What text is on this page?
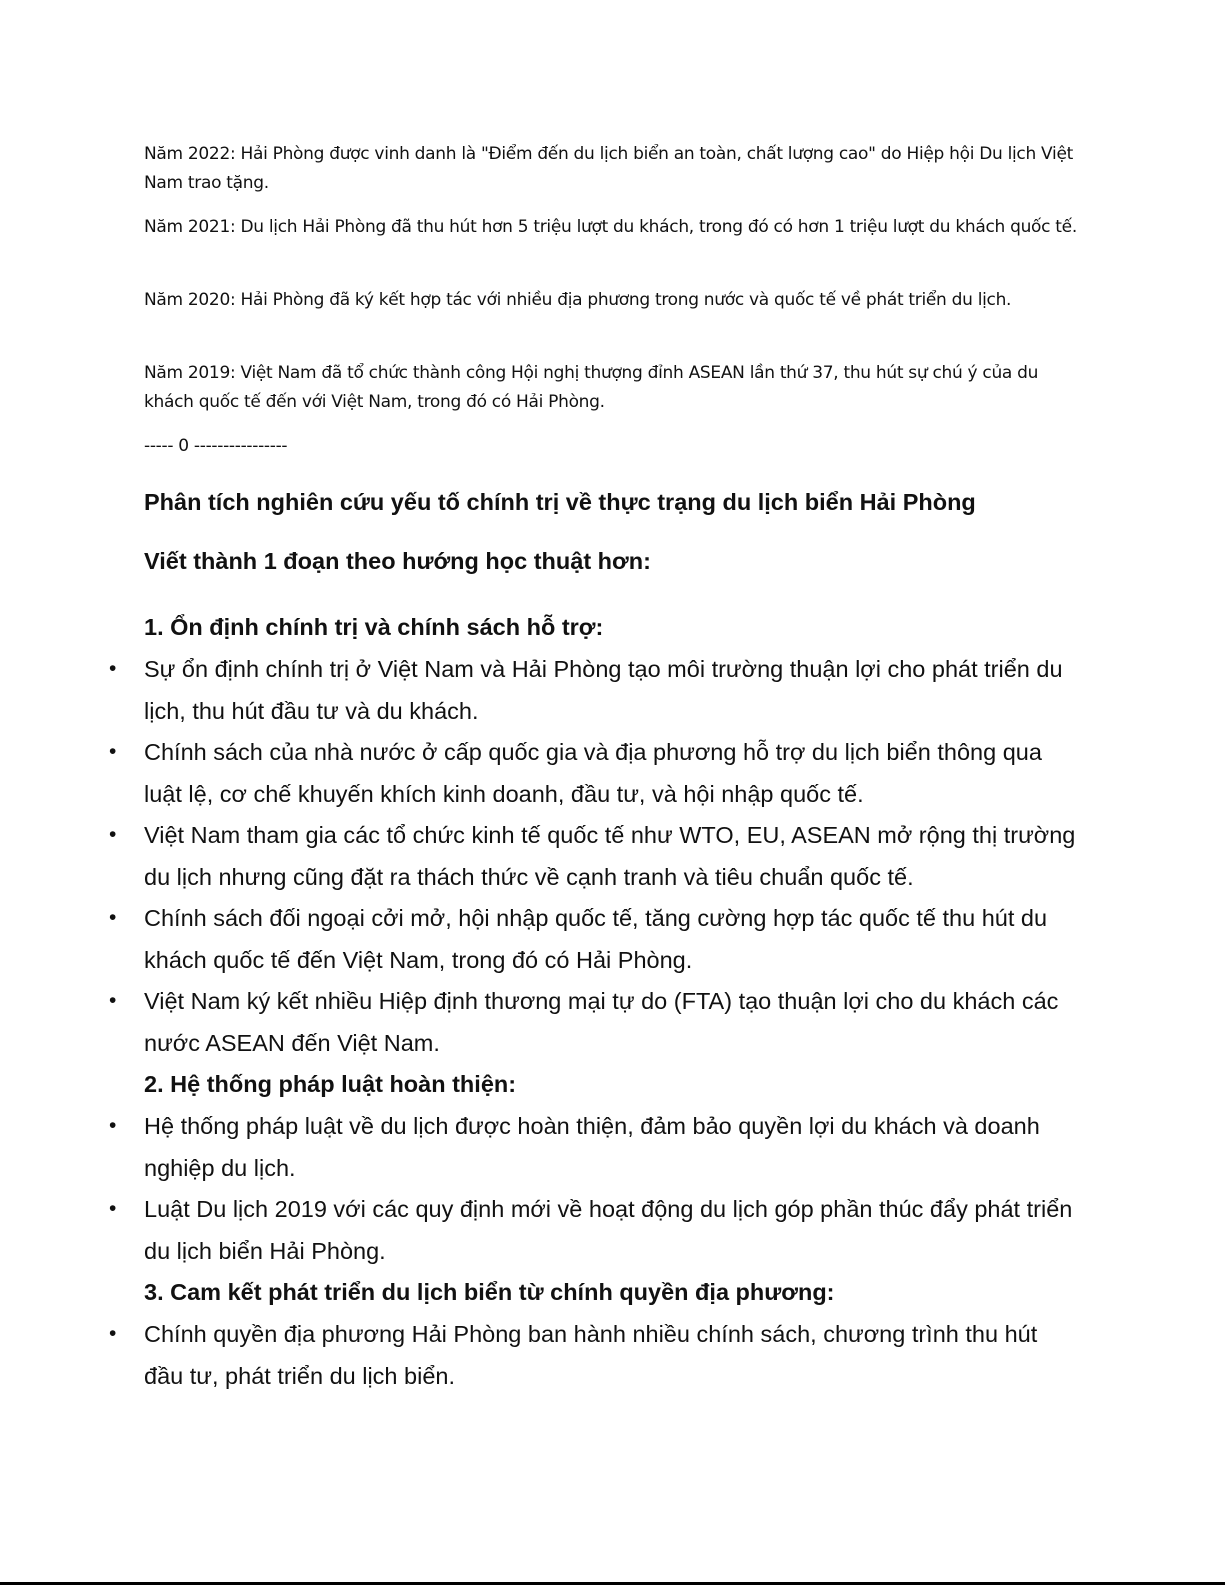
Năm 2022: Hải Phòng được vinh danh là "Điểm đến du lịch biển an toàn, chất lượng cao" do Hiệp hội Du lịch Việt Nam trao tặng.

Năm 2021: Du lịch Hải Phòng đã thu hút hơn 5 triệu lượt du khách, trong đó có hơn 1 triệu lượt du khách quốc tế.

Năm 2020: Hải Phòng đã ký kết hợp tác với nhiều địa phương trong nước và quốc tế về phát triển du lịch.

Năm 2019: Việt Nam đã tổ chức thành công Hội nghị thượng đỉnh ASEAN lần thứ 37, thu hút sự chú ý của du khách quốc tế đến với Việt Nam, trong đó có Hải Phòng.

----- 0 ----------------

Phân tích nghiên cứu yếu tố chính trị về thực trạng du lịch biển Hải Phòng
Viết thành 1 đoạn theo hướng học thuật hơn:
1. Ổn định chính trị và chính sách hỗ trợ:
• Sự ổn định chính trị ở Việt Nam và Hải Phòng tạo môi trường thuận lợi cho phát triển du lịch, thu hút đầu tư và du khách.
• Chính sách của nhà nước ở cấp quốc gia và địa phương hỗ trợ du lịch biển thông qua luật lệ, cơ chế khuyến khích kinh doanh, đầu tư, và hội nhập quốc tế.
• Việt Nam tham gia các tổ chức kinh tế quốc tế như WTO, EU, ASEAN mở rộng thị trường du lịch nhưng cũng đặt ra thách thức về cạnh tranh và tiêu chuẩn quốc tế.
• Chính sách đối ngoại cởi mở, hội nhập quốc tế, tăng cường hợp tác quốc tế thu hút du khách quốc tế đến Việt Nam, trong đó có Hải Phòng.
• Việt Nam ký kết nhiều Hiệp định thương mại tự do (FTA) tạo thuận lợi cho du khách các nước ASEAN đến Việt Nam.
2. Hệ thống pháp luật hoàn thiện:
• Hệ thống pháp luật về du lịch được hoàn thiện, đảm bảo quyền lợi du khách và doanh nghiệp du lịch.
• Luật Du lịch 2019 với các quy định mới về hoạt động du lịch góp phần thúc đẩy phát triển du lịch biển Hải Phòng.
3. Cam kết phát triển du lịch biển từ chính quyền địa phương:
• Chính quyền địa phương Hải Phòng ban hành nhiều chính sách, chương trình thu hút đầu tư, phát triển du lịch biển.
